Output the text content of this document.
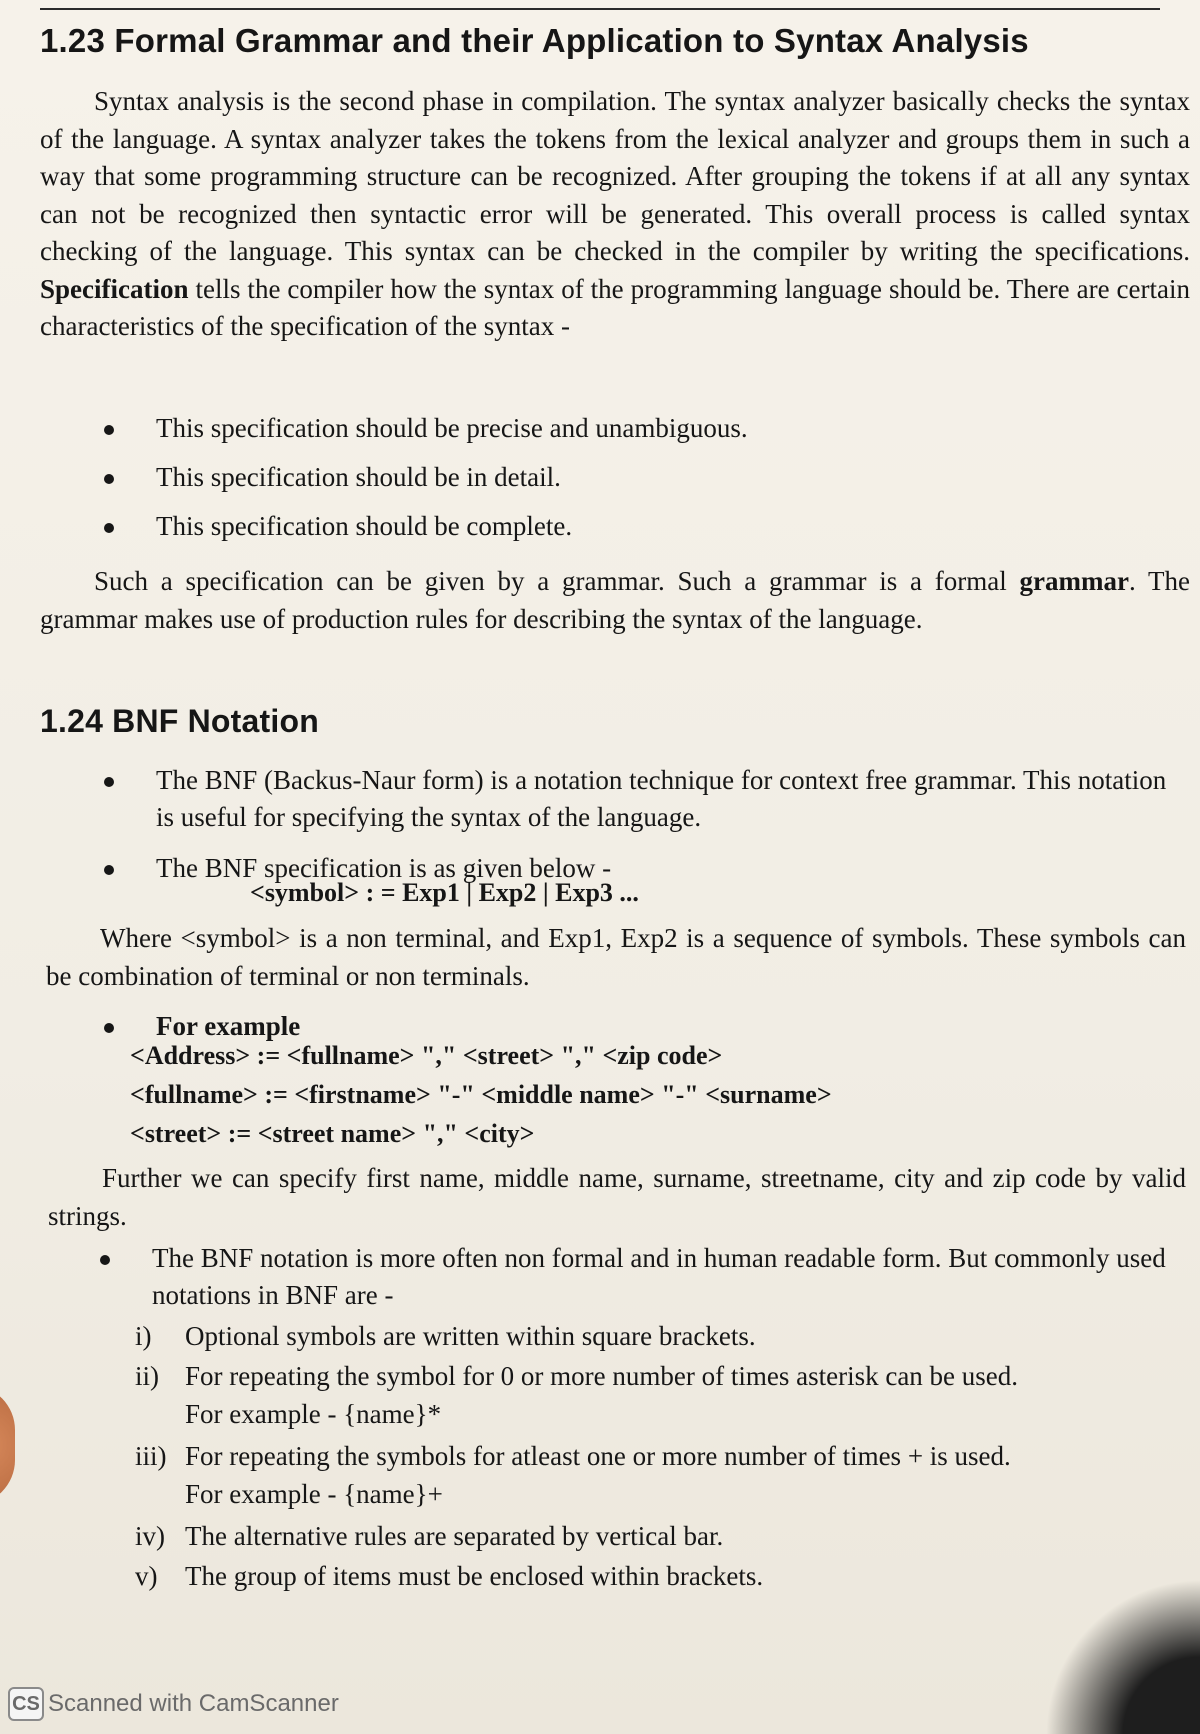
1.23 Formal Grammar and their Application to Syntax Analysis
Syntax analysis is the second phase in compilation. The syntax analyzer basically checks the syntax of the language. A syntax analyzer takes the tokens from the lexical analyzer and groups them in such a way that some programming structure can be recognized. After grouping the tokens if at all any syntax can not be recognized then syntactic error will be generated. This overall process is called syntax checking of the language. This syntax can be checked in the compiler by writing the specifications. Specification tells the compiler how the syntax of the programming language should be. There are certain characteristics of the specification of the syntax -
This specification should be precise and unambiguous.
This specification should be in detail.
This specification should be complete.
Such a specification can be given by a grammar. Such a grammar is a formal grammar. The grammar makes use of production rules for describing the syntax of the language.
1.24 BNF Notation
The BNF (Backus-Naur form) is a notation technique for context free grammar. This notation is useful for specifying the syntax of the language.
The BNF specification is as given below -
<symbol> : = Exp1 | Exp2 | Exp3 ...
Where <symbol> is a non terminal, and Exp1, Exp2 is a sequence of symbols. These symbols can be combination of terminal or non terminals.
For example
<Address> := <fullname> "," <street> "," <zip code>
<fullname> := <firstname> "-" <middle name> "-" <surname>
<street> := <street name> "," <city>
Further we can specify first name, middle name, surname, streetname, city and zip code by valid strings.
The BNF notation is more often non formal and in human readable form. But commonly used notations in BNF are -
i) Optional symbols are written within square brackets.
ii) For repeating the symbol for 0 or more number of times asterisk can be used.
For example - {name}*
iii) For repeating the symbols for atleast one or more number of times + is used.
For example - {name}+
iv) The alternative rules are separated by vertical bar.
v) The group of items must be enclosed within brackets.
CS Scanned with CamScanner
